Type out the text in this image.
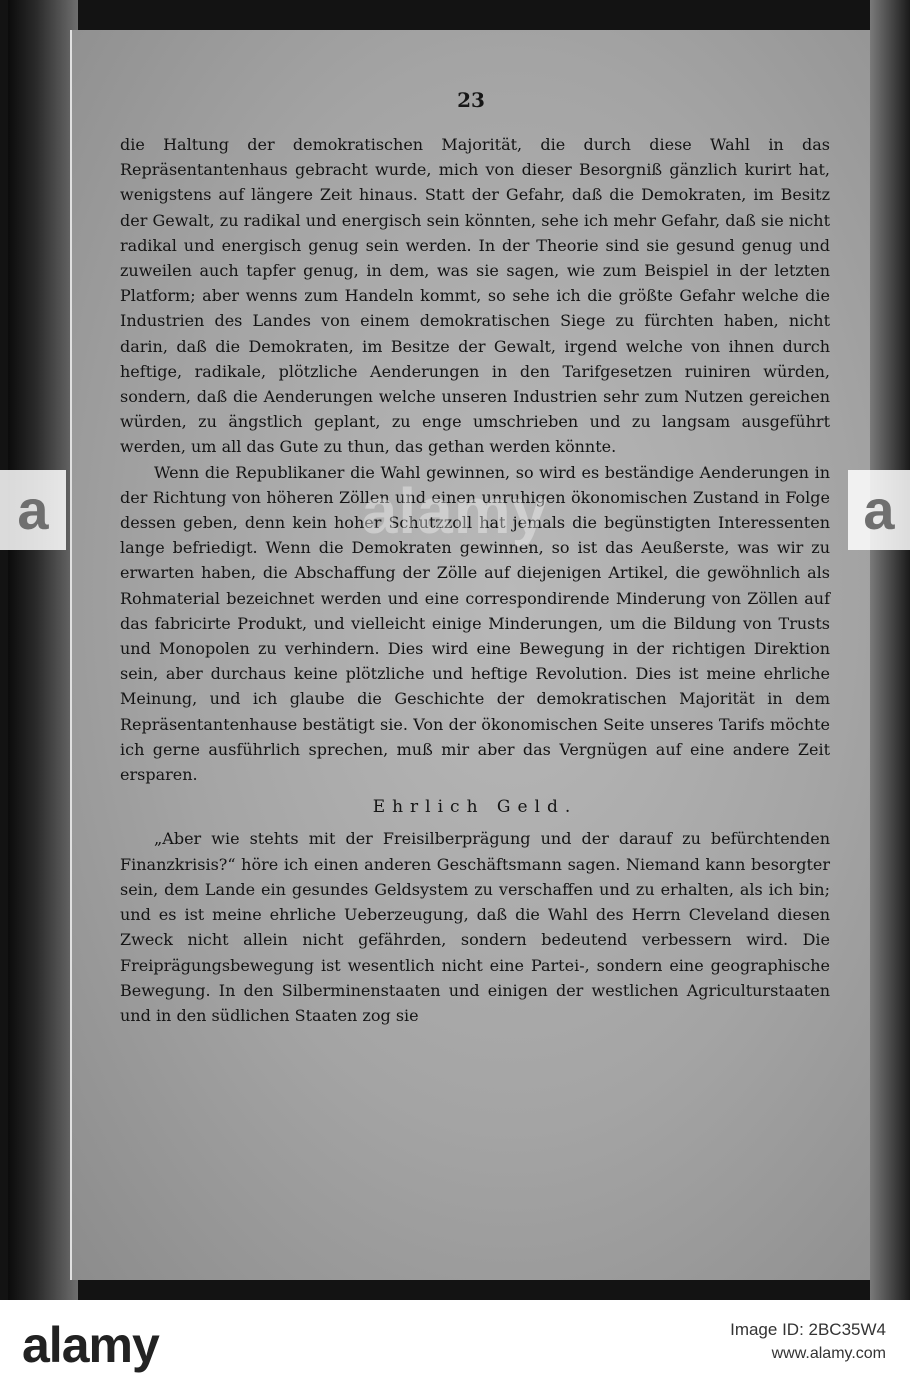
23

die Haltung der demokratischen Majorität, die durch diese Wahl in das Repräsentantenhaus gebracht wurde, mich von dieser Besorgniß gänzlich kurirt hat, wenigstens auf längere Zeit hinaus. Statt der Gefahr, daß die Demokraten, im Besitz der Gewalt, zu radikal und energisch sein könnten, sehe ich mehr Gefahr, daß sie nicht radikal und energisch genug sein werden. In der Theorie sind sie gesund genug und zuweilen auch tapfer genug, in dem, was sie sagen, wie zum Beispiel in der letzten Platform; aber wenns zum Handeln kommt, so sehe ich die größte Gefahr welche die Industrien des Landes von einem demokratischen Siege zu fürchten haben, nicht darin, daß die Demokraten, im Besitze der Gewalt, irgend welche von ihnen durch heftige, radikale, plötzliche Aenderungen in den Tarifgesetzen ruiniren würden, sondern, daß die Aenderungen welche unseren Industrien sehr zum Nutzen gereichen würden, zu ängstlich geplant, zu enge umschrieben und zu langsam ausgeführt werden, um all das Gute zu thun, das gethan werden könnte.

Wenn die Republikaner die Wahl gewinnen, so wird es beständige Aenderungen in der Richtung von höheren Zöllen und einen unruhigen ökonomischen Zustand in Folge dessen geben, denn kein hoher Schutzzoll hat jemals die begünstigten Interessenten lange befriedigt. Wenn die Demokraten gewinnen, so ist das Aeußerste, was wir zu erwarten haben, die Abschaffung der Zölle auf diejenigen Artikel, die gewöhnlich als Rohmaterial bezeichnet werden und eine correspondirende Minderung von Zöllen auf das fabricirte Produkt, und vielleicht einige Minderungen, um die Bildung von Trusts und Monopolen zu verhindern. Dies wird eine Bewegung in der richtigen Direktion sein, aber durchaus keine plötzliche und heftige Revolution. Dies ist meine ehrliche Meinung, und ich glaube die Geschichte der demokratischen Majorität in dem Repräsentantenhause bestätigt sie. Von der ökonomischen Seite unseres Tarifs möchte ich gerne ausführlich sprechen, muß mir aber das Vergnügen auf eine andere Zeit ersparen.

Ehrlich Geld.

„Aber wie stehts mit der Freisilberprägung und der darauf zu befürchtenden Finanzkrisis?“ höre ich einen anderen Geschäftsmann sagen. Niemand kann besorgter sein, dem Lande ein gesundes Geldsystem zu verschaffen und zu erhalten, als ich bin; und es ist meine ehrliche Ueberzeugung, daß die Wahl des Herrn Cleveland diesen Zweck nicht allein nicht gefährden, sondern bedeutend verbessern wird. Die Freiprägungsbewegung ist wesentlich nicht eine Partei-, sondern eine geographische Bewegung. In den Silberminenstaaten und einigen der westlichen Agriculturstaaten und in den südlichen Staaten zog sie

a	a
alamy
alamy	Image ID: 2BC35W4
www.alamy.com
